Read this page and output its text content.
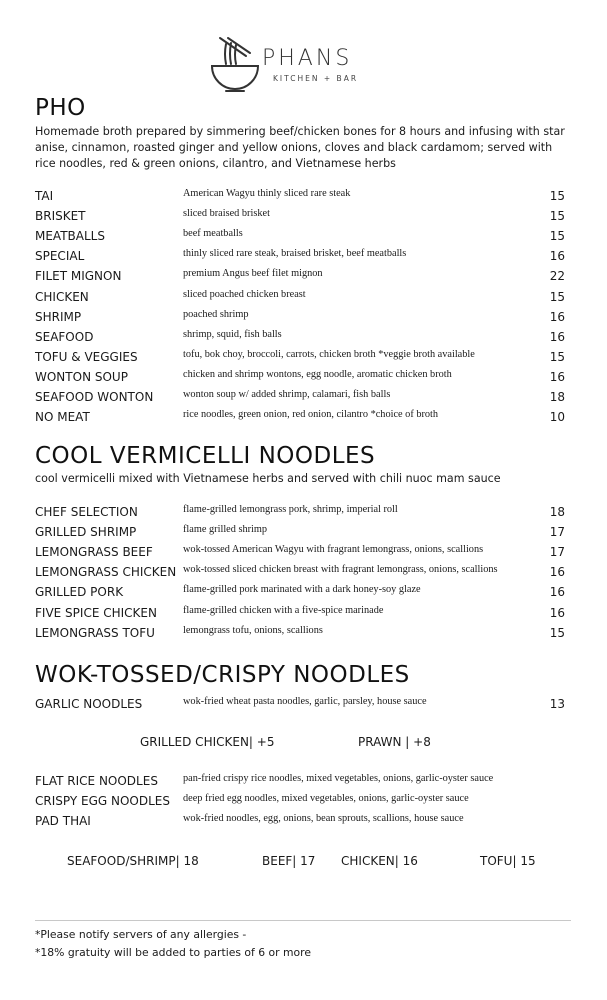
PHANS
KITCHEN + BAR
PHO

Homemade broth prepared by simmering beef/chicken bones for 8 hours and infusing with star anise, cinnamon, roasted ginger and yellow onions, cloves and black cardamom; served with rice noodles, red & green onions, cilantro, and Vietnamese herbs

TAI	American Wagyu thinly sliced rare steak	15
BRISKET	sliced braised brisket	15
MEATBALLS	beef meatballs	15
SPECIAL	thinly sliced rare steak, braised brisket, beef meatballs	16
FILET MIGNON	premium Angus beef filet mignon	22
CHICKEN	sliced poached chicken breast	15
SHRIMP	poached shrimp	16
SEAFOOD	shrimp, squid, fish balls	16
TOFU & VEGGIES	tofu, bok choy, broccoli, carrots, chicken broth *veggie broth available	15
WONTON SOUP	chicken and shrimp wontons, egg noodle, aromatic chicken broth	16
SEAFOOD WONTON	wonton soup w/ added shrimp, calamari, fish balls	18
NO MEAT	rice noodles, green onion, red onion, cilantro *choice of broth	10
COOL VERMICELLI NOODLES

cool vermicelli mixed with Vietnamese herbs and served with chili nuoc mam sauce

CHEF SELECTION	flame-grilled lemongrass pork, shrimp, imperial roll	18
GRILLED SHRIMP	flame grilled shrimp	17
LEMONGRASS BEEF	wok-tossed American Wagyu with fragrant lemongrass, onions, scallions	17
LEMONGRASS CHICKEN wok-tossed sliced chicken breast with fragrant lemongrass, onions, scallions	16
GRILLED PORK	flame-grilled pork marinated with a dark honey-soy glaze	16
FIVE SPICE CHICKEN	flame-grilled chicken with a five-spice marinade	16
LEMONGRASS TOFU	lemongrass tofu, onions, scallions	15
WOK-TOSSED/CRISPY NOODLES
GARLIC NOODLES	wok-fried wheat pasta noodles, garlic, parsley, house sauce	13
GRILLED CHICKEN| +5	PRAWN | +8
FLAT RICE NOODLES pan-fried crispy rice noodles, mixed vegetables, onions, garlic-oyster sauce
CRISPY EGG NOODLES deep fried egg noodles, mixed vegetables, onions, garlic-oyster sauce
PAD THAI	wok-fried noodles, egg, onions, bean sprouts, scallions, house sauce
SEAFOOD/SHRIMP| 18	BEEF| 17 CHICKEN| 16	TOFU| 15
*Please notify servers of any allergies -
*18% gratuity will be added to parties of 6 or more
